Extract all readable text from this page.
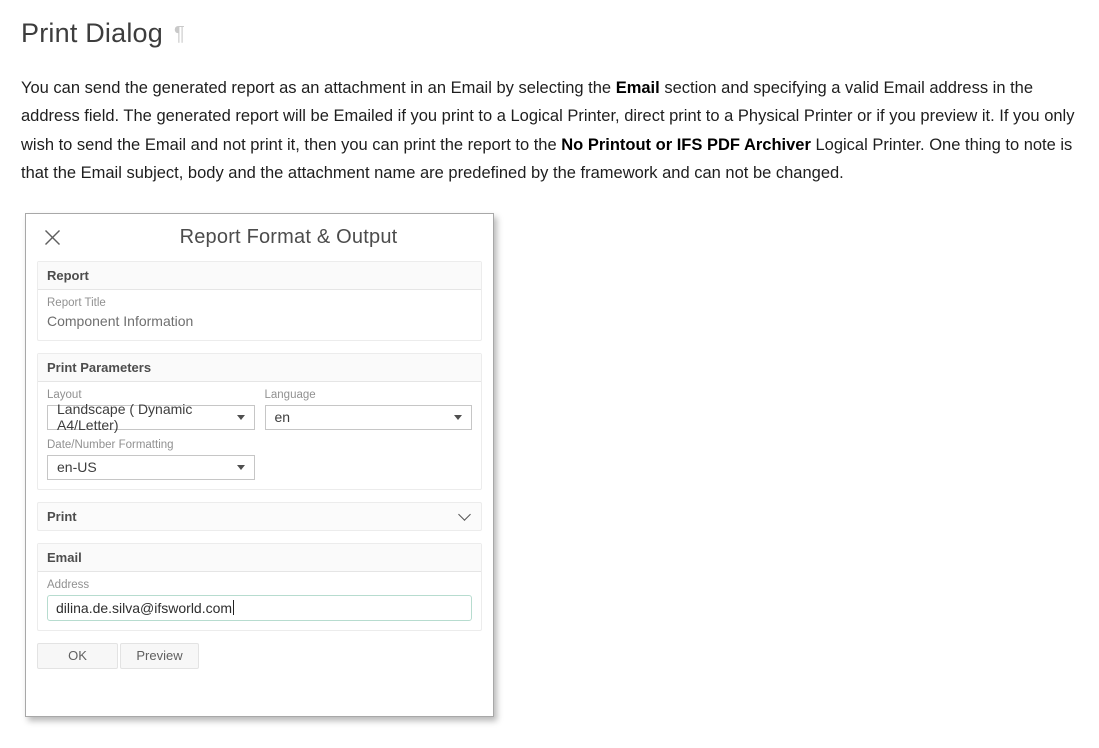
Print Dialog ¶

You can send the generated report as an attachment in an Email by selecting the Email section and specifying a valid Email address in the address field. The generated report will be Emailed if you print to a Logical Printer, direct print to a Physical Printer or if you preview it. If you only wish to send the Email and not print it, then you can print the report to the No Printout or IFS PDF Archiver Logical Printer. One thing to note is that the Email subject, body and the attachment name are predefined by the framework and can not be changed.

Report Format & Output
Report
Report Title
Component Information
Print Parameters
Layout
Landscape ( Dynamic A4/Letter)
Language
en
Date/Number Formatting
en-US
Print
Email
Address
dilina.de.silva@ifsworld.com
OK	Preview
